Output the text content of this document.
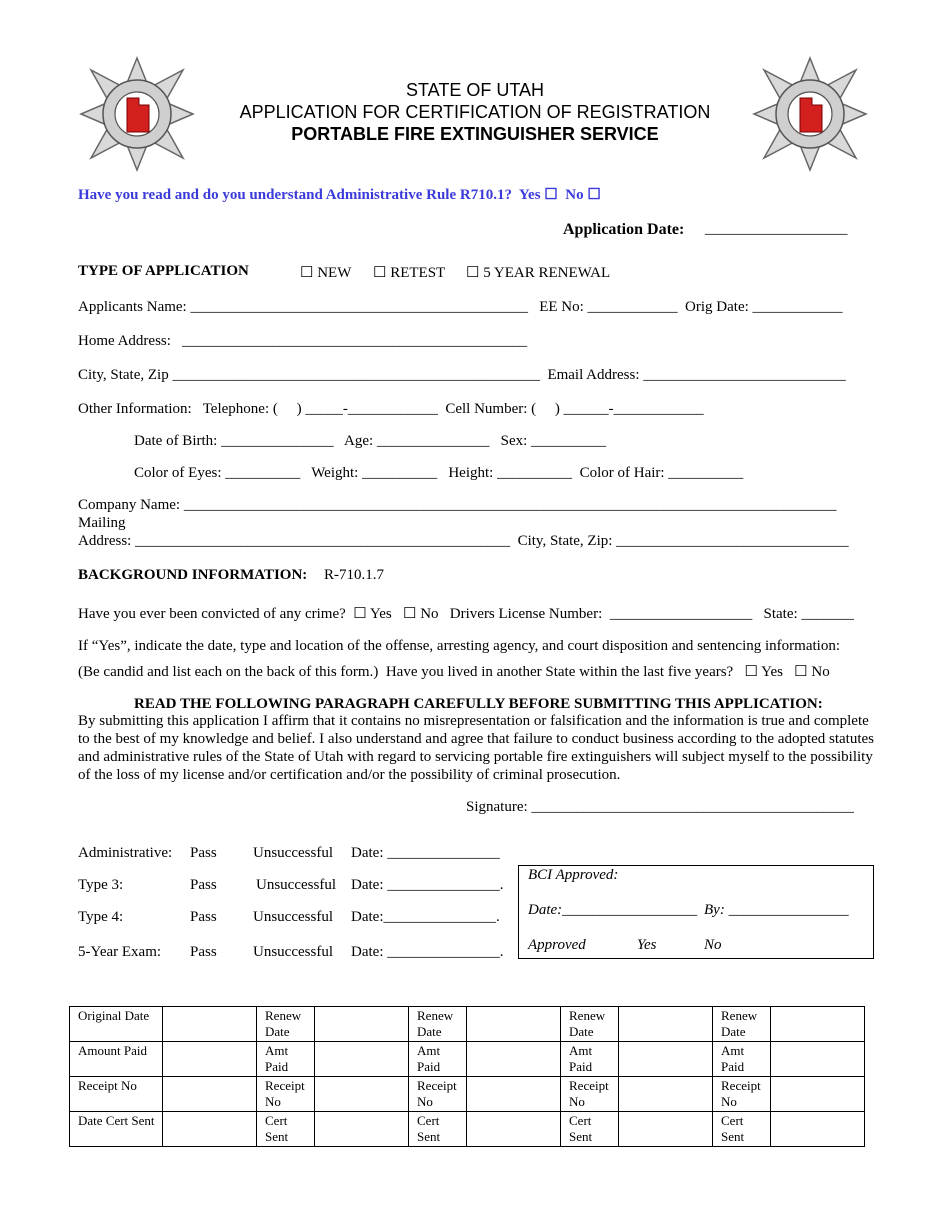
STATE OF UTAH
APPLICATION FOR CERTIFICATION OF REGISTRATION
PORTABLE FIRE EXTINGUISHER SERVICE
Have you read and do you understand Administrative Rule R710.1?  Yes ☐  No ☐
Application Date: ___________________
TYPE OF APPLICATION	☐ NEW ☐ RETEST ☐ 5 YEAR RENEWAL
Applicants Name: _____________________________________________   EE No: ____________  Orig Date: ____________
Home Address:   ______________________________________________
City, State, Zip _________________________________________________  Email Address: ___________________________
Other Information:   Telephone: (     ) _____-____________  Cell Number: (     ) ______-____________
Date of Birth: _______________   Age: _______________   Sex: __________
Color of Eyes: __________   Weight: __________   Height: __________  Color of Hair: __________
Company Name: _______________________________________________________________________________________
Mailing
Address: __________________________________________________  City, State, Zip: _______________________________
BACKGROUND INFORMATION: R-710.1.7
Have you ever been convicted of any crime?  ☐ Yes   ☐ No   Drivers License Number:  ___________________   State: _______
If “Yes”, indicate the date, type and location of the offense, arresting agency, and court disposition and sentencing information:
(Be candid and list each on the back of this form.)  Have you lived in another State within the last five years?   ☐ Yes   ☐ No
READ THE FOLLOWING PARAGRAPH CAREFULLY BEFORE SUBMITTING THIS APPLICATION:
By submitting this application I affirm that it contains no misrepresentation or falsification and the information is true and complete to the best of my knowledge and belief. I also understand and agree that failure to conduct business according to the adopted statutes and administrative rules of the State of Utah with regard to servicing portable fire extinguishers will subject myself to the possibility of the loss of my license and/or certification and/or the possibility of criminal prosecution.
Signature: ___________________________________________
Administrative: Pass Unsuccessful Date: _______________
Type 3:	Pass	Unsuccessful Date: _______________.
Type 4:	Pass Unsuccessful Date:_______________.
5-Year Exam: Pass Unsuccessful Date: _______________.
BCI Approved:
Date:__________________ By: ________________
Approved	Yes	No
Original Date		Renew Date		Renew Date		Renew Date		Renew Date	
Amount Paid		Amt Paid		Amt Paid		Amt Paid		Amt Paid	
Receipt No		Receipt No		Receipt No		Receipt No		Receipt No	
Date Cert Sent		Cert Sent		Cert Sent		Cert Sent		Cert Sent	
